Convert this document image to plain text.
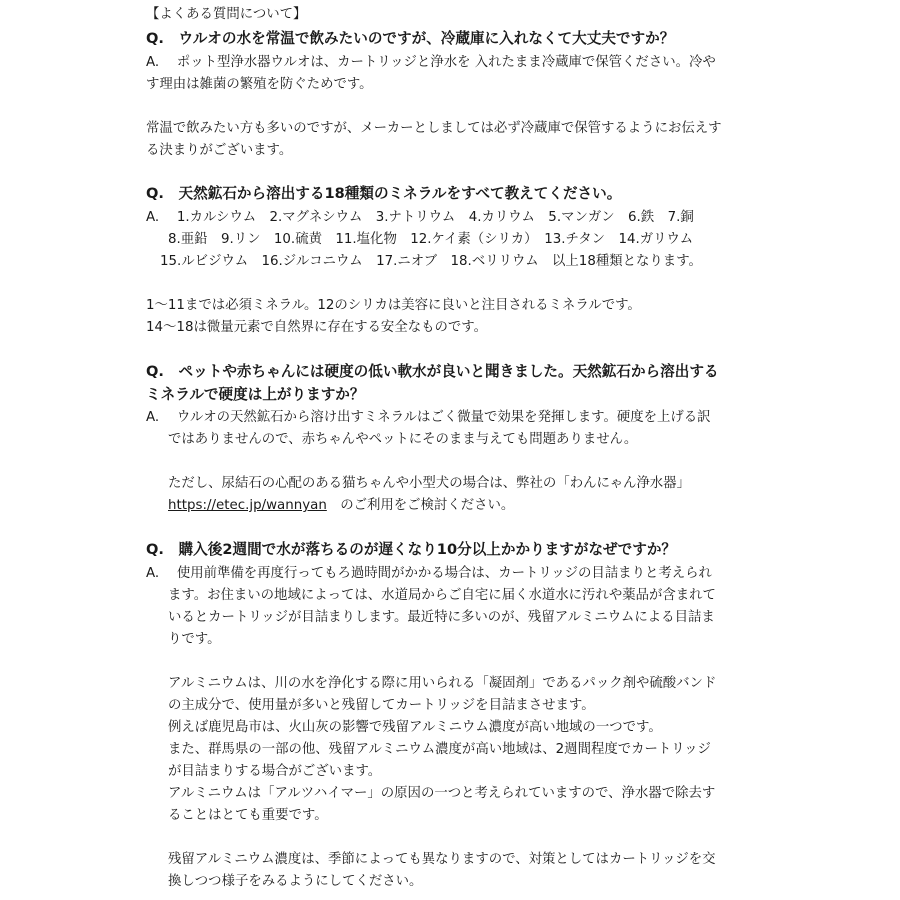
【よくある質問について】
Q.　ウルオの水を常温で飲みたいのですが、冷蔵庫に入れなくて大丈夫ですか？
A.　 ポット型浄水器ウルオは、カートリッジと浄水を 入れたまま冷蔵庫で保管ください。冷や
す理由は雑菌の繁殖を防ぐためです。
常温で飲みたい方も多いのですが、メーカーとしましては必ず冷蔵庫で保管するようにお伝えす
る決まりがございます。
Q.　天然鉱石から溶出する18種類のミネラルをすべて教えてください。
A.　 1.カルシウム　2.マグネシウム　3.ナトリウム　4.カリウム　5.マンガン　6.鉄　7.銅
8.亜鉛　9.リン　10.硫黄　11.塩化物　12.ケイ素（シリカ）　13.チタン　14.ガリウム
15.ルビジウム　16.ジルコニウム　17.ニオブ　18.ベリリウム　以上18種類となります。
1〜11までは必須ミネラル。12のシリカは美容に良いと注目されるミネラルです。
14〜18は微量元素で自然界に存在する安全なものです。
Q.　ペットや赤ちゃんには硬度の低い軟水が良いと聞きました。天然鉱石から溶出する
ミネラルで硬度は上がりますか？
A.　 ウルオの天然鉱石から溶け出すミネラルはごく微量で効果を発揮します。硬度を上げる訳
ではありませんので、赤ちゃんやペットにそのまま与えても問題ありません。
ただし、尿結石の心配のある猫ちゃんや小型犬の場合は、弊社の「わんにゃん浄水器」
https://etec.jp/wannyan　のご利用をご検討ください。
Q.　購入後2週間で水が落ちるのが遅くなり10分以上かかりますがなぜですか？
A.　 使用前準備を再度行ってもろ過時間がかかる場合は、カートリッジの目詰まりと考えられ
ます。お住まいの地域によっては、水道局からご自宅に届く水道水に汚れや薬品が含まれて
いるとカートリッジが目詰まりします。最近特に多いのが、残留アルミニウムによる目詰ま
りです。
アルミニウムは、川の水を浄化する際に用いられる「凝固剤」であるパック剤や硫酸バンド
の主成分で、使用量が多いと残留してカートリッジを目詰まさせます。
例えば鹿児島市は、火山灰の影響で残留アルミニウム濃度が高い地域の一つです。
また、群馬県の一部の他、残留アルミニウム濃度が高い地域は、2週間程度でカートリッジ
が目詰まりする場合がございます。
アルミニウムは「アルツハイマー」の原因の一つと考えられていますので、浄水器で除去す
ることはとても重要です。
残留アルミニウム濃度は、季節によっても異なりますので、対策としてはカートリッジを交
換しつつ様子をみるようにしてください。
